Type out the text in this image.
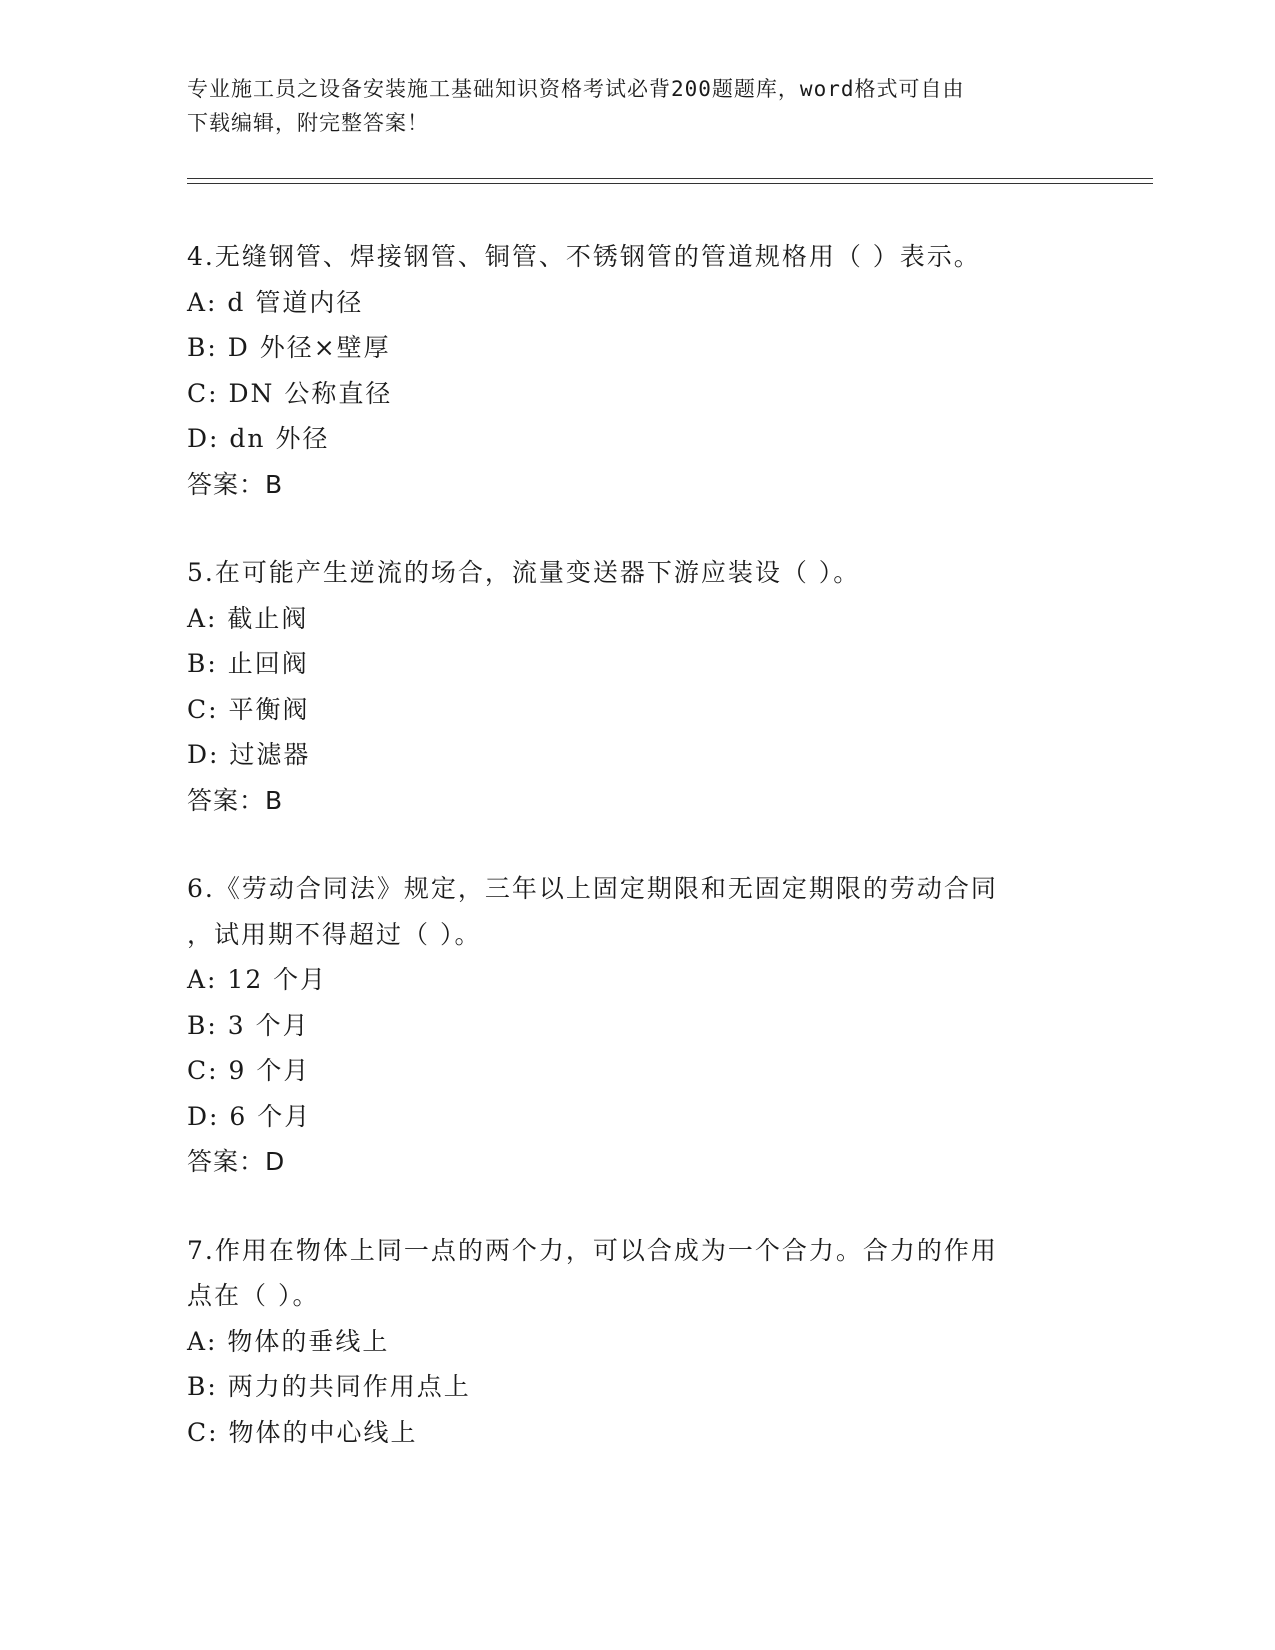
专业施工员之设备安装施工基础知识资格考试必背200题题库，word格式可自由
下载编辑，附完整答案！
4.无缝钢管、焊接钢管、铜管、不锈钢管的管道规格用（ ）表示。
A: d 管道内径
B: D 外径×壁厚
C: DN 公称直径
D: dn 外径
答案：B
5.在可能产生逆流的场合，流量变送器下游应装设（ ）。
A: 截止阀
B: 止回阀
C: 平衡阀
D: 过滤器
答案：B
6.《劳动合同法》规定，三年以上固定期限和无固定期限的劳动合同
，试用期不得超过（ ）。
A: 12 个月
B: 3 个月
C: 9 个月
D: 6 个月
答案：D
7.作用在物体上同一点的两个力，可以合成为一个合力。合力的作用
点在（ ）。
A: 物体的垂线上
B: 两力的共同作用点上
C: 物体的中心线上
